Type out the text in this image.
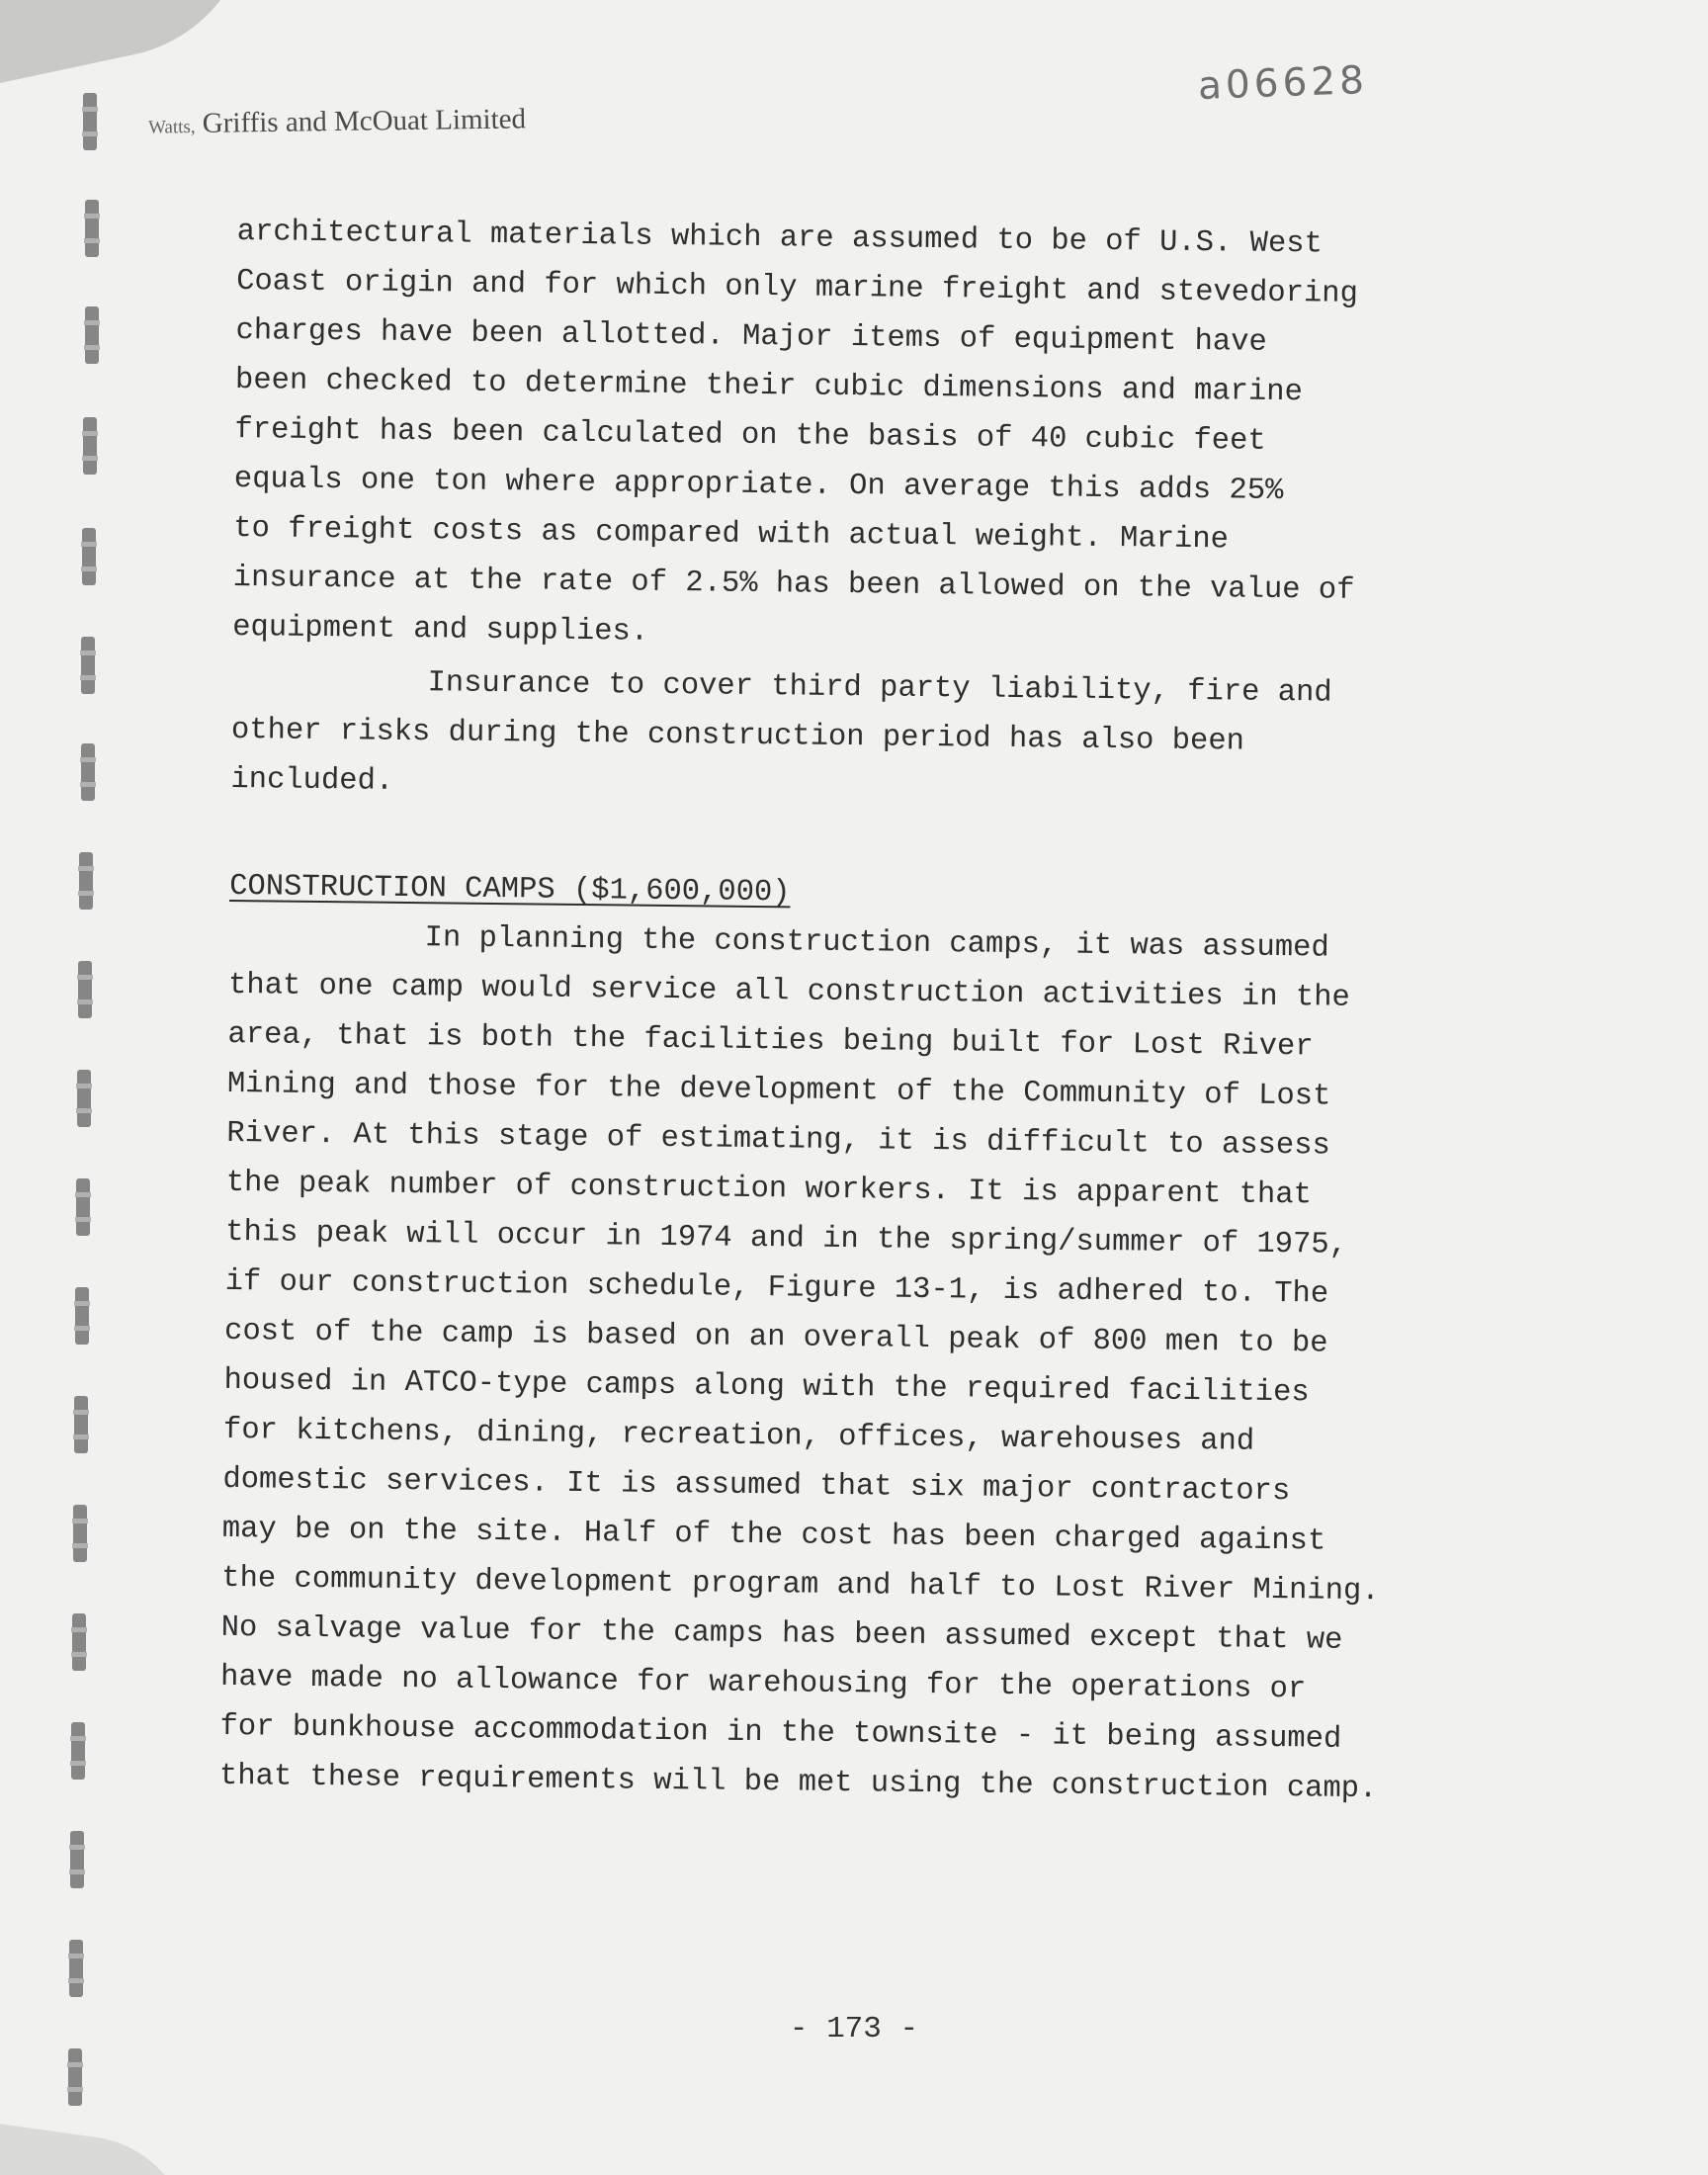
a06628
Watts, Griffis and McOuat Limited

architectural materials which are assumed to be of U.S. West

Coast origin and for which only marine freight and stevedoring

charges have been allotted. Major items of equipment have

been checked to determine their cubic dimensions and marine

freight has been calculated on the basis of 40 cubic feet

equals one ton where appropriate. On average this adds 25%

to freight costs as compared with actual weight. Marine

insurance at the rate of 2.5% has been allowed on the value of

equipment and supplies.

Insurance to cover third party liability, fire and

other risks during the construction period has also been

included.

CONSTRUCTION CAMPS ($1,600,000)

In planning the construction camps, it was assumed

that one camp would service all construction activities in the

area, that is both the facilities being built for Lost River

Mining and those for the development of the Community of Lost

River. At this stage of estimating, it is difficult to assess

the peak number of construction workers. It is apparent that

this peak will occur in 1974 and in the spring/summer of 1975,

if our construction schedule, Figure 13-1, is adhered to. The

cost of the camp is based on an overall peak of 800 men to be

housed in ATCO-type camps along with the required facilities

for kitchens, dining, recreation, offices, warehouses and

domestic services. It is assumed that six major contractors

may be on the site. Half of the cost has been charged against

the community development program and half to Lost River Mining.

No salvage value for the camps has been assumed except that we

have made no allowance for warehousing for the operations or

for bunkhouse accommodation in the townsite - it being assumed

that these requirements will be met using the construction camp.

- 173 -
